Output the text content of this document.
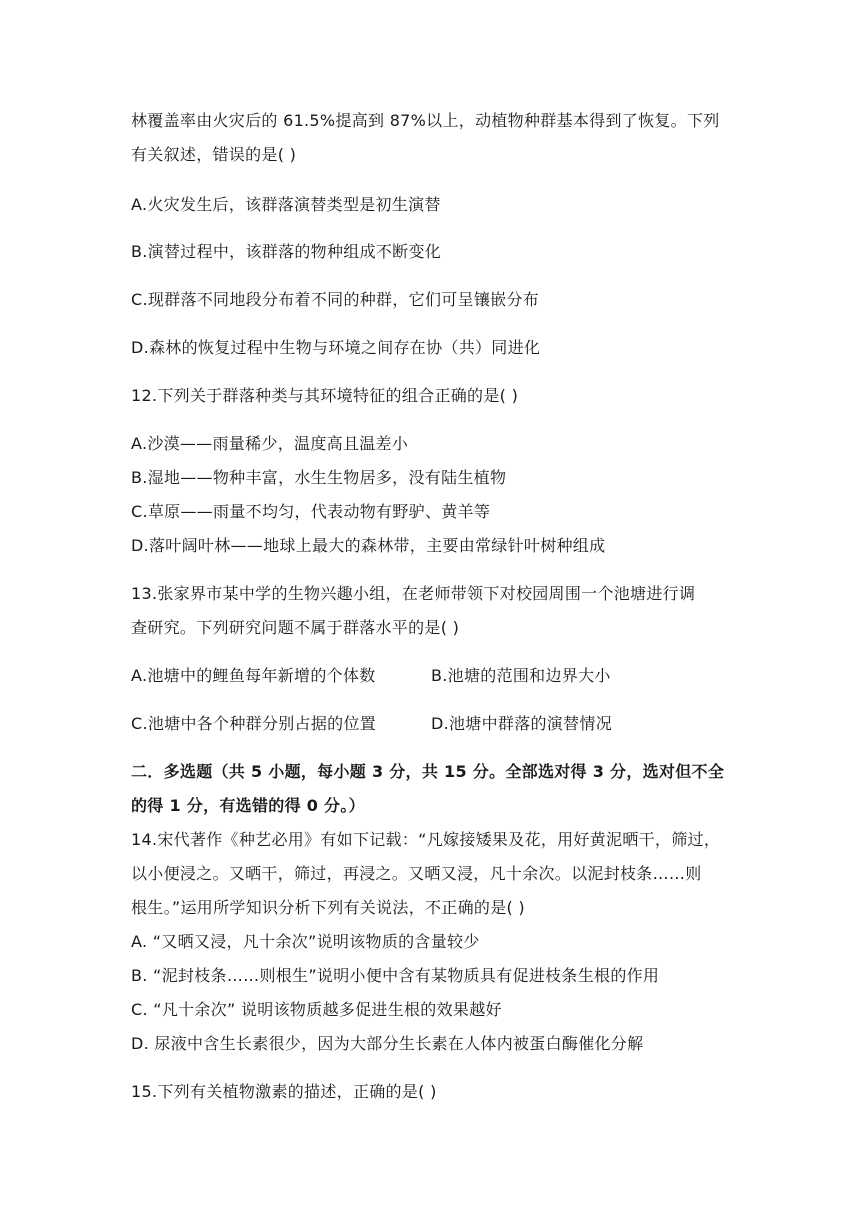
林覆盖率由火灾后的 61.5%提高到 87%以上，动植物种群基本得到了恢复。下列
有关叙述，错误的是( )
A.火灾发生后，该群落演替类型是初生演替
B.演替过程中，该群落的物种组成不断变化
C.现群落不同地段分布着不同的种群，它们可呈镶嵌分布
D.森林的恢复过程中生物与环境之间存在协（共）同进化
12.下列关于群落种类与其环境特征的组合正确的是( )
A.沙漠——雨量稀少，温度高且温差小
B.湿地——物种丰富，水生生物居多，没有陆生植物
C.草原——雨量不均匀，代表动物有野驴、黄羊等
D.落叶阔叶林——地球上最大的森林带，主要由常绿针叶树种组成
13.张家界市某中学的生物兴趣小组，在老师带领下对校园周围一个池塘进行调
查研究。下列研究问题不属于群落水平的是( )
A.池塘中的鲤鱼每年新增的个体数	B.池塘的范围和边界大小
C.池塘中各个种群分别占据的位置	D.池塘中群落的演替情况
二．多选题（共 5 小题，每小题 3 分，共 15 分。全部选对得 3 分，选对但不全
的得 1 分，有选错的得 0 分。）
14.宋代著作《种艺必用》有如下记载：“凡嫁接矮果及花，用好黄泥晒干，筛过，
以小便浸之。又晒干，筛过，再浸之。又晒又浸，凡十余次。以泥封枝条……则
根生。”运用所学知识分析下列有关说法，不正确的是( )
A. “又晒又浸，凡十余次”说明该物质的含量较少
B. “泥封枝条……则根生”说明小便中含有某物质具有促进枝条生根的作用
C. “凡十余次” 说明该物质越多促进生根的效果越好
D. 尿液中含生长素很少，因为大部分生长素在人体内被蛋白酶催化分解
15.下列有关植物激素的描述，正确的是( )
